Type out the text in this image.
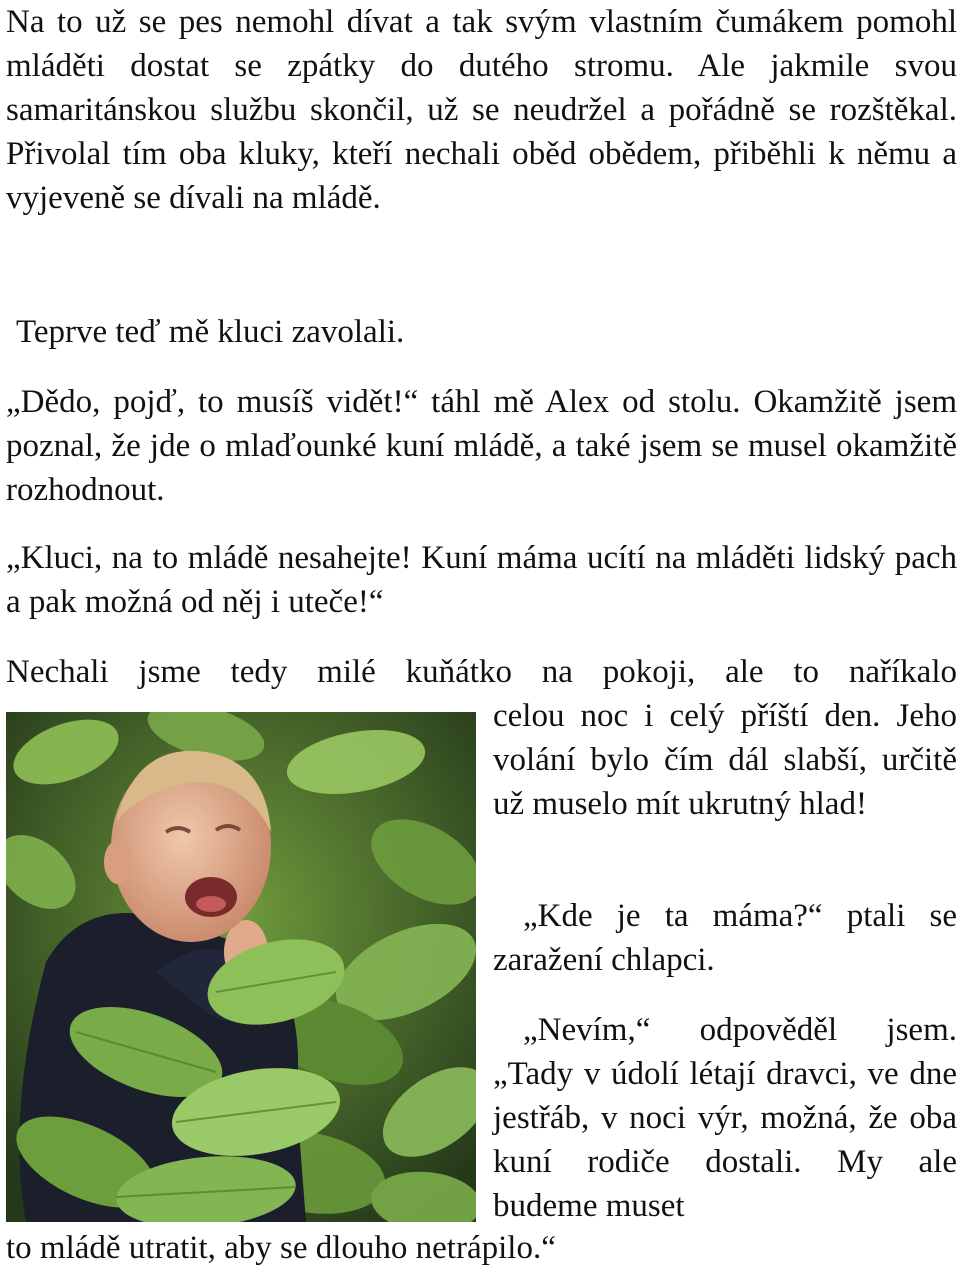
Na to už se pes nemohl dívat a tak svým vlastním čumákem pomohl mláděti dostat se zpátky do dutého stromu. Ale jakmile svou samaritánskou službu skončil, už se neudržel a pořádně se rozštěkal. Přivolal tím oba kluky, kteří nechali oběd obědem, přiběhli k němu a vyjeveně se dívali na mládě.

Teprve teď mě kluci zavolali.

„Dědo, pojď, to musíš vidět!“ táhl mě Alex od stolu. Okamžitě jsem poznal, že jde o mlaďounké kuní mládě, a také jsem se musel okamžitě rozhodnout.

„Kluci, na to mládě nesahejte! Kuní máma ucítí na mláděti lidský pach a pak možná od něj i uteče!“

Nechali jsme tedy milé kuňátko na pokoji, ale to naříkalo

celou noc i celý příští den. Jeho volání bylo čím dál slabší, určitě už muselo mít ukrutný hlad!

„Kde je ta máma?“ ptali se zaražení chlapci.

„Nevím,“ odpověděl jsem. „Tady v údolí létají dravci, ve dne jestřáb, v noci výr, možná, že oba kuní rodiče dostali. My ale budeme muset

to mládě utratit, aby se dlouho netrápilo.“
